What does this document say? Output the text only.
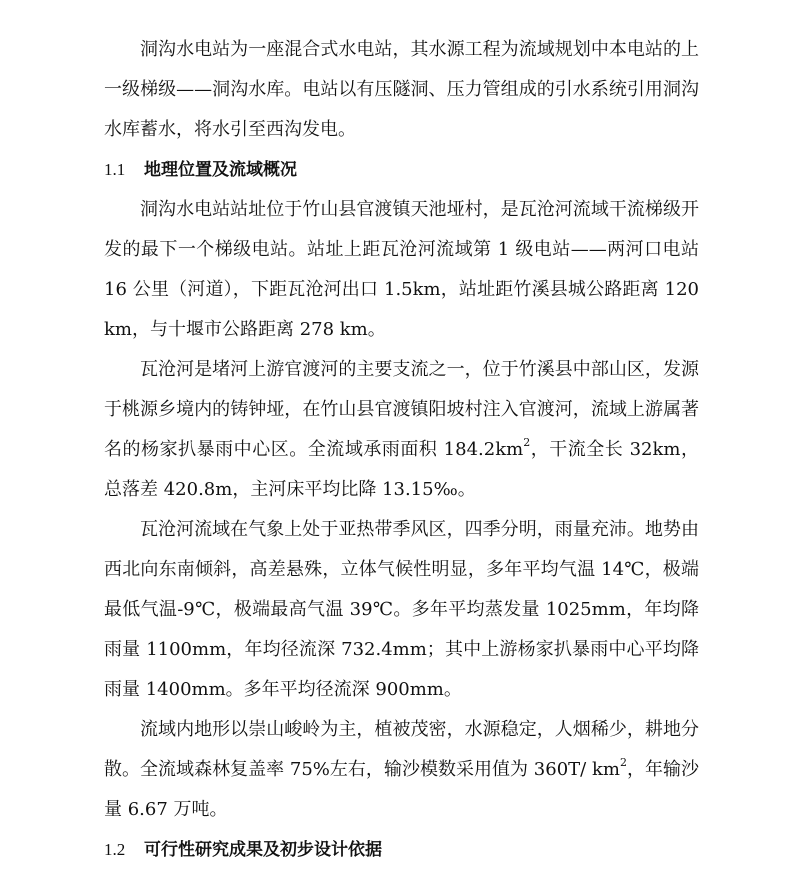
洞沟水电站为一座混合式水电站，其水源工程为流域规划中本电站的上一级梯级——洞沟水库。电站以有压隧洞、压力管组成的引水系统引用洞沟水库蓄水，将水引至西沟发电。

1.1	地理位置及流域概况

洞沟水电站站址位于竹山县官渡镇天池垭村，是瓦沧河流域干流梯级开发的最下一个梯级电站。站址上距瓦沧河流域第 1 级电站——两河口电站 16 公里（河道），下距瓦沧河出口 1.5km，站址距竹溪县城公路距离 120 km，与十堰市公路距离 278 km。

瓦沧河是堵河上游官渡河的主要支流之一，位于竹溪县中部山区，发源于桃源乡境内的铸钟垭，在竹山县官渡镇阳坡村注入官渡河，流域上游属著名的杨家扒暴雨中心区。全流域承雨面积 $184.2km^2$，干流全长 32km，总落差 420.8m，主河床平均比降 13.15‰。

瓦沧河流域在气象上处于亚热带季风区，四季分明，雨量充沛。地势由西北向东南倾斜，高差悬殊，立体气候性明显，多年平均气温 14℃，极端最低气温-9℃，极端最高气温 39℃。多年平均蒸发量 1025mm，年均降雨量 1100mm，年均径流深 732.4mm；其中上游杨家扒暴雨中心平均降雨量 1400mm。多年平均径流深 900mm。

流域内地形以崇山峻岭为主，植被茂密，水源稳定，人烟稀少，耕地分散。全流域森林复盖率 75%左右，输沙模数采用值为 360T/ $km^2$，年输沙量 6.67 万吨。

1.2	可行性研究成果及初步设计依据
